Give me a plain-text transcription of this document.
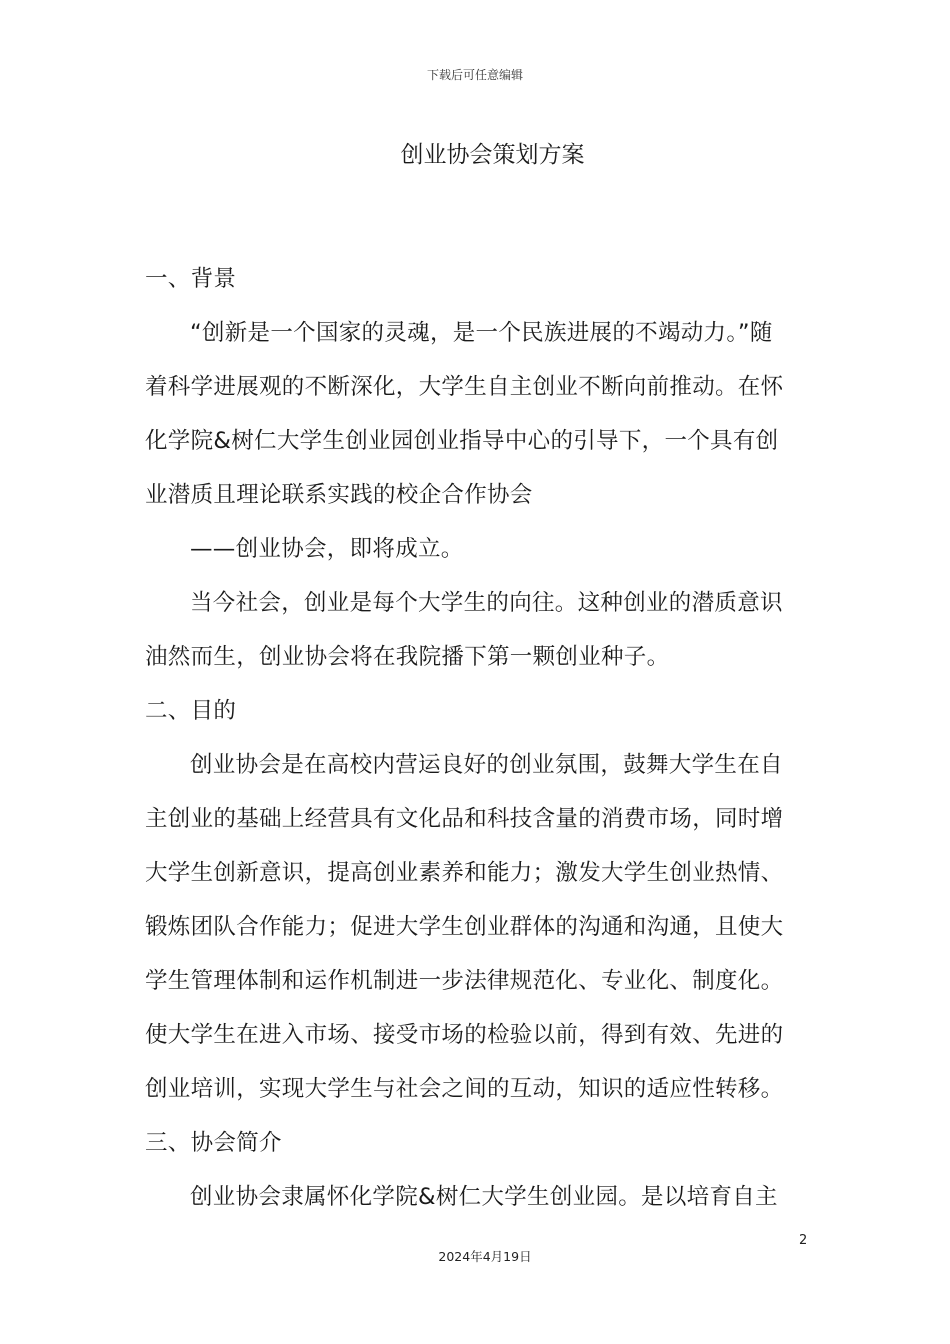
下载后可任意编辑
创业协会策划方案

一、背景

“创新是一个国家的灵魂，是一个民族进展的不竭动力。”随

着科学进展观的不断深化，大学生自主创业不断向前推动。在怀

化学院&树仁大学生创业园创业指导中心的引导下，一个具有创

业潜质且理论联系实践的校企合作协会

——创业协会，即将成立。

当今社会，创业是每个大学生的向往。这种创业的潜质意识

油然而生，创业协会将在我院播下第一颗创业种子。

二、目的

创业协会是在高校内营运良好的创业氛围，鼓舞大学生在自

主创业的基础上经营具有文化品和科技含量的消费市场，同时增

大学生创新意识，提高创业素养和能力；激发大学生创业热情、

锻炼团队合作能力；促进大学生创业群体的沟通和沟通，且使大

学生管理体制和运作机制进一步法律规范化、专业化、制度化。

使大学生在进入市场、接受市场的检验以前，得到有效、先进的

创业培训，实现大学生与社会之间的互动，知识的适应性转移。

三、协会简介

创业协会隶属怀化学院&树仁大学生创业园。是以培育自主

2
2024年4月19日
